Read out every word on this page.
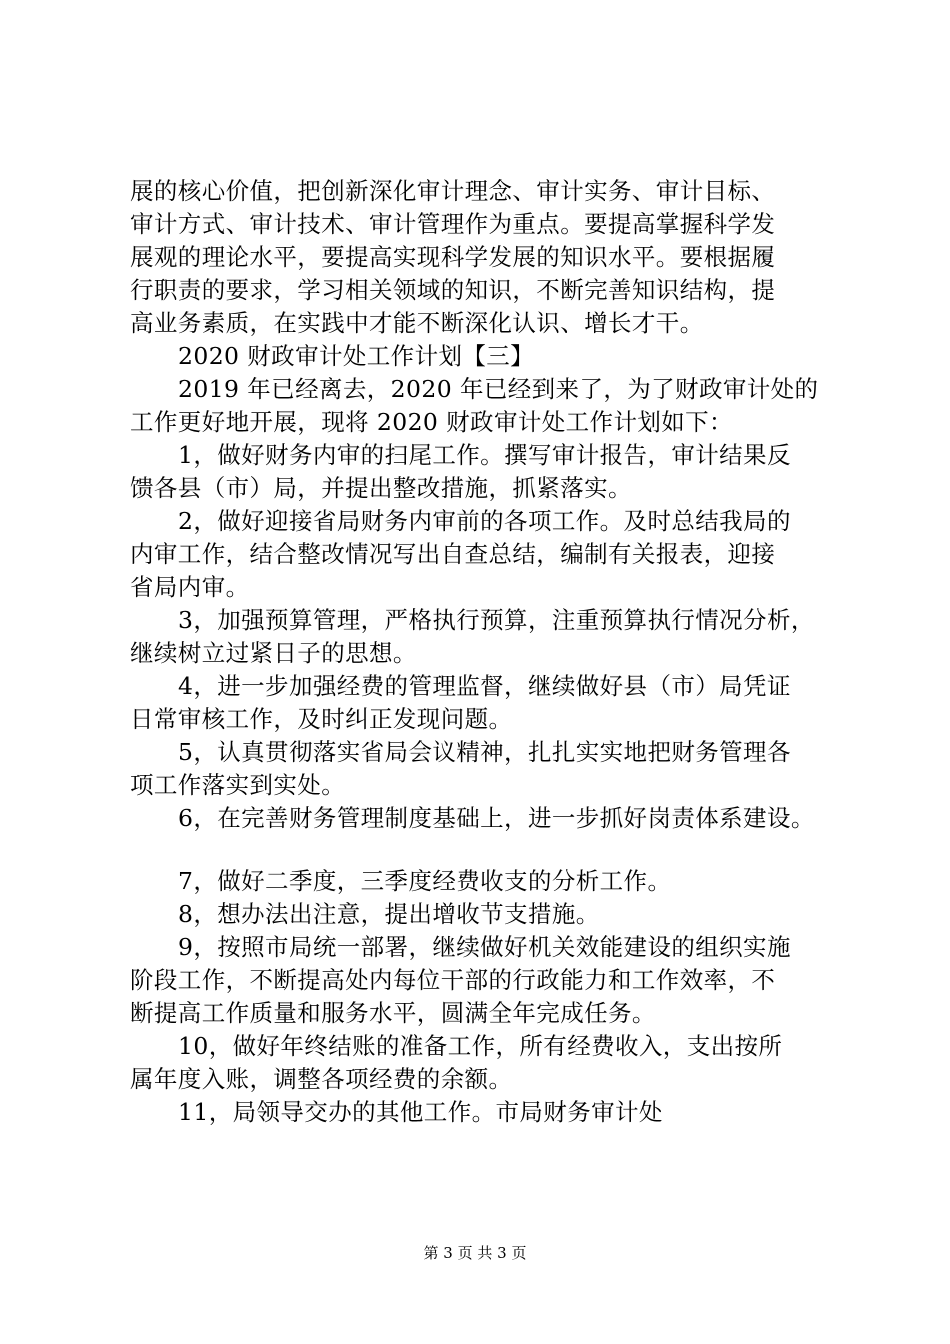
展的核心价值，把创新深化审计理念、审计实务、审计目标、
审计方式、审计技术、审计管理作为重点。要提高掌握科学发
展观的理论水平，要提高实现科学发展的知识水平。要根据履
行职责的要求，学习相关领域的知识，不断完善知识结构，提
高业务素质，在实践中才能不断深化认识、增长才干。
2020 财政审计处工作计划【三】
2019 年已经离去，2020 年已经到来了，为了财政审计处的
工作更好地开展，现将 2020 财政审计处工作计划如下：
1，做好财务内审的扫尾工作。撰写审计报告，审计结果反
馈各县（市）局，并提出整改措施，抓紧落实。
2，做好迎接省局财务内审前的各项工作。及时总结我局的
内审工作，结合整改情况写出自查总结，编制有关报表，迎接
省局内审。
3，加强预算管理，严格执行预算，注重预算执行情况分析，
继续树立过紧日子的思想。
4，进一步加强经费的管理监督，继续做好县（市）局凭证
日常审核工作，及时纠正发现问题。
5，认真贯彻落实省局会议精神，扎扎实实地把财务管理各
项工作落实到实处。
6，在完善财务管理制度基础上，进一步抓好岗责体系建设。
7，做好二季度，三季度经费收支的分析工作。
8，想办法出注意，提出增收节支措施。
9，按照市局统一部署，继续做好机关效能建设的组织实施
阶段工作，不断提高处内每位干部的行政能力和工作效率，不
断提高工作质量和服务水平，圆满全年完成任务。
10，做好年终结账的准备工作，所有经费收入，支出按所
属年度入账，调整各项经费的余额。
11，局领导交办的其他工作。市局财务审计处
第 3 页 共 3 页
